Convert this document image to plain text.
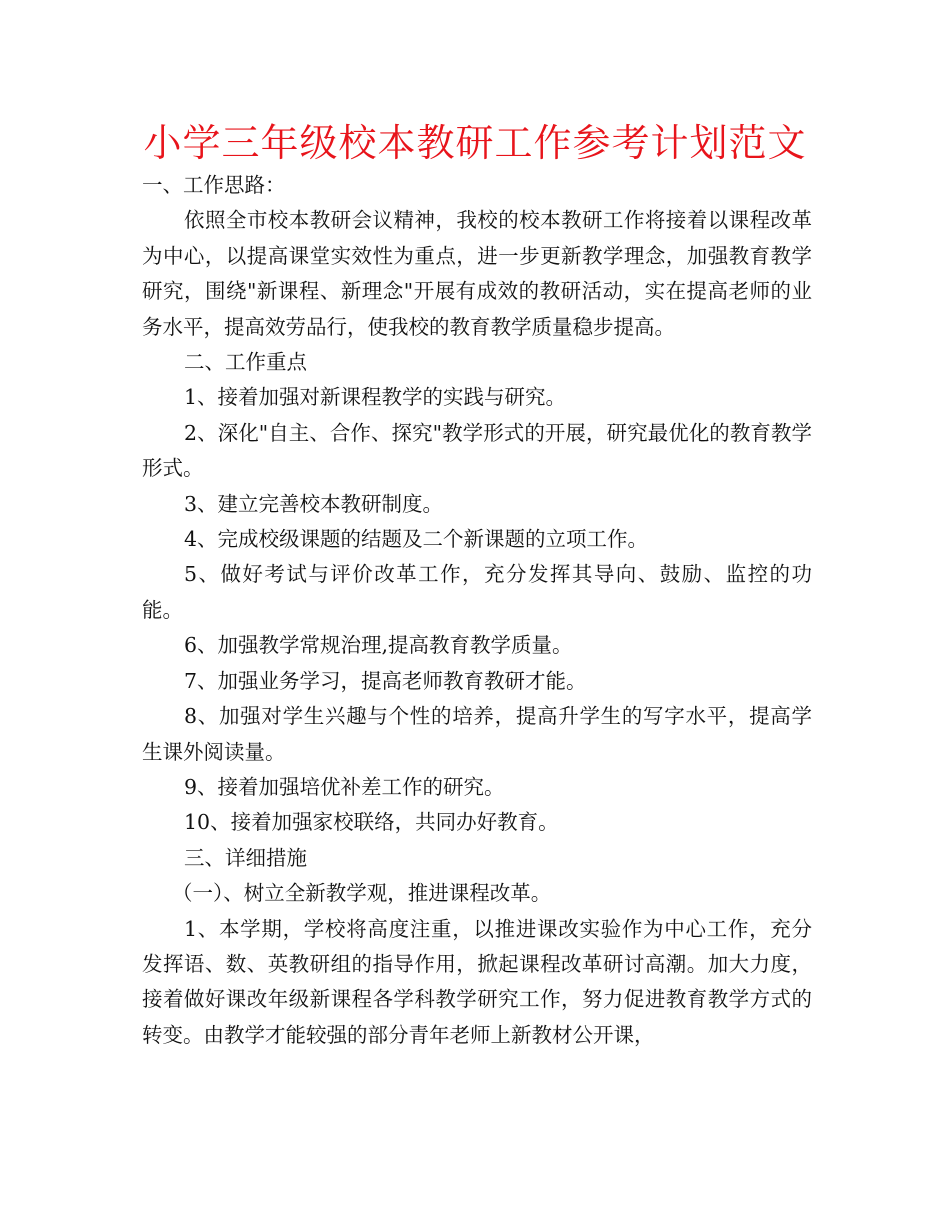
小学三年级校本教研工作参考计划范文

一、工作思路：

依照全市校本教研会议精神，我校的校本教研工作将接着以课程改革为中心，以提高课堂实效性为重点，进一步更新教学理念，加强教育教学研究，围绕"新课程、新理念"开展有成效的教研活动，实在提高老师的业务水平，提高效劳品行，使我校的教育教学质量稳步提高。

二、工作重点

1、接着加强对新课程教学的实践与研究。

2、深化"自主、合作、探究"教学形式的开展，研究最优化的教育教学形式。

3、建立完善校本教研制度。

4、完成校级课题的结题及二个新课题的立项工作。

5、做好考试与评价改革工作，充分发挥其导向、鼓励、监控的功能。

6、加强教学常规治理,提高教育教学质量。

7、加强业务学习，提高老师教育教研才能。

8、加强对学生兴趣与个性的培养，提高升学生的写字水平，提高学生课外阅读量。

9、接着加强培优补差工作的研究。

10、接着加强家校联络，共同办好教育。

三、详细措施

（一）、树立全新教学观，推进课程改革。

1、本学期，学校将高度注重，以推进课改实验作为中心工作，充分发挥语、数、英教研组的指导作用，掀起课程改革研讨高潮。加大力度，接着做好课改年级新课程各学科教学研究工作，努力促进教育教学方式的转变。由教学才能较强的部分青年老师上新教材公开课，
